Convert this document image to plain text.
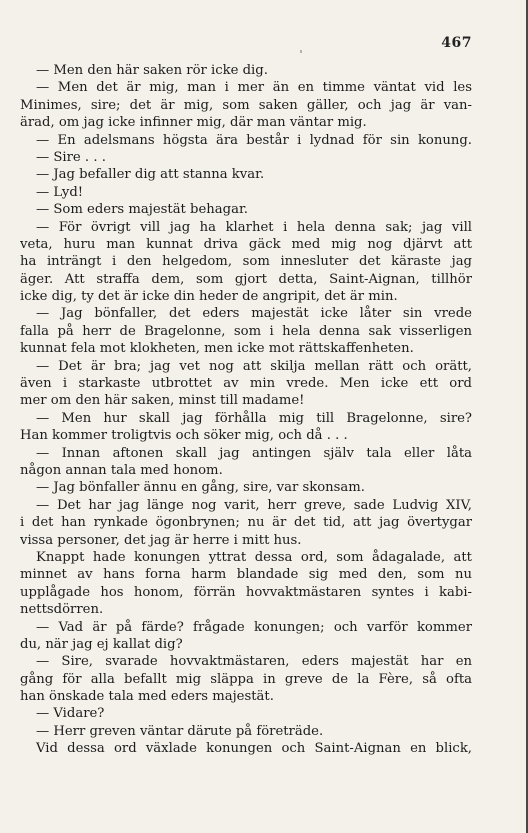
467
— Men den här saken rör icke dig.
— Men det är mig, man i mer än en timme väntat vid les
Minimes, sire; det är mig, som saken gäller, och jag är van-
ärad, om jag icke infinner mig, där man väntar mig.
— En adelsmans högsta ära består i lydnad för sin konung.
— Sire . . .
— Jag befaller dig att stanna kvar.
— Lyd!
— Som eders majestät behagar.
— För övrigt vill jag ha klarhet i hela denna sak; jag vill
veta, huru man kunnat driva gäck med mig nog djärvt att
ha inträngt i den helgedom, som innesluter det käraste jag
äger. Att straffa dem, som gjort detta, Saint-Aignan, tillhör
icke dig, ty det är icke din heder de angripit, det är min.
— Jag bönfaller, det eders majestät icke låter sin vrede
falla på herr de Bragelonne, som i hela denna sak visserligen
kunnat fela mot klokheten, men icke mot rättskaffenheten.
— Det är bra; jag vet nog att skilja mellan rätt och orätt,
även i starkaste utbrottet av min vrede. Men icke ett ord
mer om den här saken, minst till madame!
— Men hur skall jag förhålla mig till Bragelonne, sire?
Han kommer troligtvis och söker mig, och då . . .
— Innan aftonen skall jag antingen själv tala eller låta
någon annan tala med honom.
— Jag bönfaller ännu en gång, sire, var skonsam.
— Det har jag länge nog varit, herr greve, sade Ludvig XIV,
i det han rynkade ögonbrynen; nu är det tid, att jag övertygar
vissa personer, det jag är herre i mitt hus.
Knappt hade konungen yttrat dessa ord, som ådagalade, att
minnet av hans forna harm blandade sig med den, som nu
upplågade hos honom, förrän hovvaktmästaren syntes i kabi-
nettsdörren.
— Vad är på färde? frågade konungen; och varför kommer
du, när jag ej kallat dig?
— Sire, svarade hovvaktmästaren, eders majestät har en
gång för alla befallt mig släppa in greve de la Fère, så ofta
han önskade tala med eders majestät.
— Vidare?
— Herr greven väntar därute på företräde.
Vid dessa ord växlade konungen och Saint-Aignan en blick,
